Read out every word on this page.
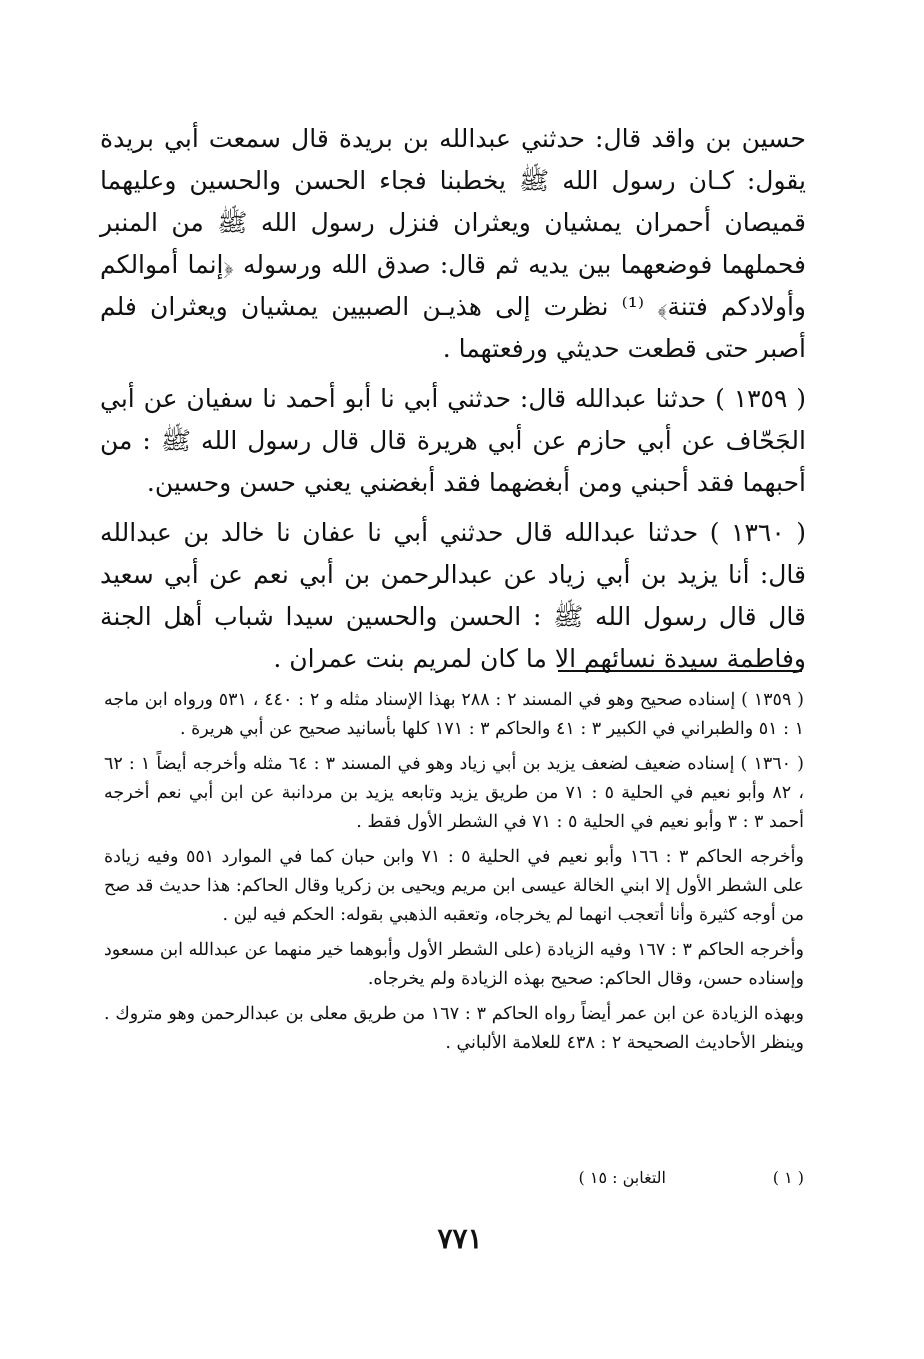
حسين بن واقد قال: حدثني عبدالله بن بريدة قال سمعت أبي بريدة يقول: كـان رسول الله ﷺ يخطبنا فجاء الحسن والحسين وعليهما قميصان أحمران يمشيان ويعثران فنزل رسول الله ﷺ من المنبر فحملهما فوضعهما بين يديه ثم قال: صدق الله ورسوله ﴿إنما أموالكم وأولادكم فتنة﴾ ⁽¹⁾ نظرت إلى هذيـن الصبيين يمشيان ويعثران فلم أصبر حتى قطعت حديثي ورفعتهما .

( ١٣٥٩ ) حدثنا عبدالله قال: حدثني أبي نا أبو أحمد نا سفيان عن أبي الجَحّاف عن أبي حازم عن أبي هريرة قال قال رسول الله ﷺ : من أحبهما فقد أحبني ومن أبغضهما فقد أبغضني يعني حسن وحسين.

( ١٣٦٠ ) حدثنا عبدالله قال حدثني أبي نا عفان نا خالد بن عبدالله قال: أنا يزيد بن أبي زياد عن عبدالرحمن بن أبي نعم عن أبي سعيد قال قال رسول الله ﷺ : الحسن والحسين سيدا شباب أهل الجنة وفاطمة سيدة نسائهم الا ما كان لمريم بنت عمران .

( ١٣٥٩ ) إسناده صحيح وهو في المسند ٢ : ٢٨٨ بهذا الإسناد مثله و ٢ : ٤٤٠ ، ٥٣١ ورواه ابن ماجه ١ : ٥١ والطبراني في الكبير ٣ : ٤١ والحاكم ٣ : ١٧١ كلها بأسانيد صحيح عن أبي هريرة .

( ١٣٦٠ ) إسناده ضعيف لضعف يزيد بن أبي زياد وهو في المسند ٣ : ٦٤ مثله وأخرجه أيضاً ١ : ٦٢ ، ٨٢ وأبو نعيم في الحلية ٥ : ٧١ من طريق يزيد وتابعه يزيد بن مردانبة عن ابن أبي نعم أخرجه أحمد ٣ : ٣ وأبو نعيم في الحلية ٥ : ٧١ في الشطر الأول فقط .

وأخرجه الحاكم ٣ : ١٦٦ وأبو نعيم في الحلية ٥ : ٧١ وابن حبان كما في الموارد ٥٥١ وفيه زيادة على الشطر الأول إلا ابني الخالة عيسى ابن مريم ويحيى بن زكريا وقال الحاكم: هذا حديث قد صح من أوجه كثيرة وأنا أتعجب انهما لم يخرجاه، وتعقبه الذهبي بقوله: الحكم فيه لين .

وأخرجه الحاكم ٣ : ١٦٧ وفيه الزيادة (على الشطر الأول وأبوهما خير منهما عن عبدالله ابن مسعود وإسناده حسن، وقال الحاكم: صحيح بهذه الزيادة ولم يخرجاه.

وبهذه الزيادة عن ابن عمر أيضاً رواه الحاكم ٣ : ١٦٧ من طريق معلى بن عبدالرحمن وهو متروك . وينظر الأحاديث الصحيحة ٢ : ٤٣٨ للعلامة الألباني .

( ١ )التغابن : ١٥ )
٧٧١
